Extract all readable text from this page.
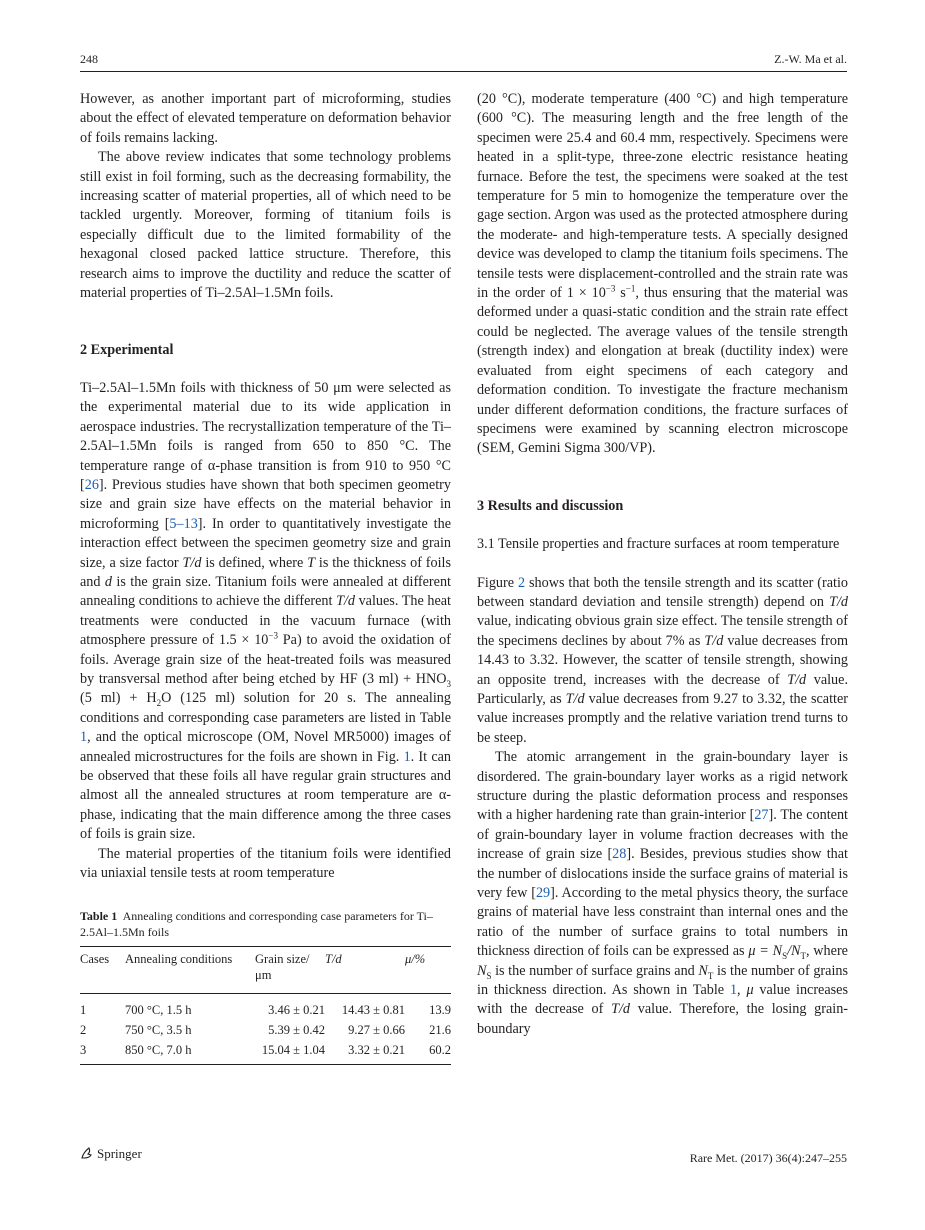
248	Z.-W. Ma et al.

However, as another important part of microforming, studies about the effect of elevated temperature on deformation behavior of foils remains lacking.

The above review indicates that some technology problems still exist in foil forming, such as the decreasing formability, the increasing scatter of material properties, all of which need to be tackled urgently. Moreover, forming of titanium foils is especially difficult due to the limited formability of the hexagonal closed packed lattice structure. Therefore, this research aims to improve the ductility and reduce the scatter of material properties of Ti–2.5Al–1.5Mn foils.

2 Experimental

Ti–2.5Al–1.5Mn foils with thickness of 50 μm were selected as the experimental material due to its wide application in aerospace industries. The recrystallization temperature of the Ti–2.5Al–1.5Mn foils is ranged from 650 to 850 °C. The temperature range of α-phase transition is from 910 to 950 °C [26]. Previous studies have shown that both specimen geometry size and grain size have effects on the material behavior in microforming [5–13]. In order to quantitatively investigate the interaction effect between the specimen geometry size and grain size, a size factor T/d is defined, where T is the thickness of foils and d is the grain size. Titanium foils were annealed at different annealing conditions to achieve the different T/d values. The heat treatments were conducted in the vacuum furnace (with atmosphere pressure of $1.5 \times 10^{-3}$ Pa) to avoid the oxidation of foils. Average grain size of the heat-treated foils was measured by transversal method after being etched by HF (3 $ml) + HNO_3$ (5 $ml) + H_2O$ (125 ml) solution for 20 s. The annealing conditions and corresponding case parameters are listed in Table 1, and the optical microscope (OM, Novel MR5000) images of annealed microstructures for the foils are shown in Fig. 1. It can be observed that these foils all have regular grain structures and almost all the annealed structures at room temperature are α-phase, indicating that the main difference among the three cases of foils is grain size.

The material properties of the titanium foils were identified via uniaxial tensile tests at room temperature

Table 1 Annealing conditions and corresponding case parameters for Ti–2.5Al–1.5Mn foils

Cases	Annealing conditions	Grain size/μm	T/d	μ/%
1	700 °C, 1.5 h	3.46 ± 0.21	14.43 ± 0.81	13.9
2	750 °C, 3.5 h	5.39 ± 0.42	9.27 ± 0.66	21.6
3	850 °C, 7.0 h	15.04 ± 1.04	3.32 ± 0.21	60.2

(20 °C), moderate temperature (400 °C) and high temperature (600 °C). The measuring length and the free length of the specimen were 25.4 and 60.4 mm, respectively. Specimens were heated in a split-type, three-zone electric resistance heating furnace. Before the test, the specimens were soaked at the test temperature for 5 min to homogenize the temperature over the gage section. Argon was used as the protected atmosphere during the moderate- and high-temperature tests. A specially designed device was developed to clamp the titanium foils specimens. The tensile tests were displacement-controlled and the strain rate was in the order of $1 \times 10^{-3}$ $s^{-1}$, thus ensuring that the material was deformed under a quasi-static condition and the strain rate effect could be neglected. The average values of the tensile strength (strength index) and elongation at break (ductility index) were evaluated from eight specimens of each category and deformation condition. To investigate the fracture mechanism under different deformation conditions, the fracture surfaces of specimens were examined by scanning electron microscope (SEM, Gemini Sigma 300/VP).

3 Results and discussion

3.1 Tensile properties and fracture surfaces at room temperature

Figure 2 shows that both the tensile strength and its scatter (ratio between standard deviation and tensile strength) depend on T/d value, indicating obvious grain size effect. The tensile strength of the specimens declines by about 7% as T/d value decreases from 14.43 to 3.32. However, the scatter of tensile strength, showing an opposite trend, increases with the decrease of T/d value. Particularly, as T/d value decreases from 9.27 to 3.32, the scatter value increases promptly and the relative variation trend turns to be steep.

The atomic arrangement in the grain-boundary layer is disordered. The grain-boundary layer works as a rigid network structure during the plastic deformation process and responses with a higher hardening rate than grain-interior [27]. The content of grain-boundary layer in volume fraction decreases with the increase of grain size [28]. Besides, previous studies show that the number of dislocations inside the surface grains of material is very few [29]. According to the metal physics theory, the surface grains of material have less constraint than internal ones and the ratio of the number of surface grains to total numbers in thickness direction of foils can be expressed as $\mu = N_S/N_T$, where $N_S$ is the number of surface grains and $N_T$ is the number of grains in thickness direction. As shown in Table 1, μ value increases with the decrease of T/d value. Therefore, the losing grain-boundary

Springer	Rare Met. (2017) 36(4):247–255
